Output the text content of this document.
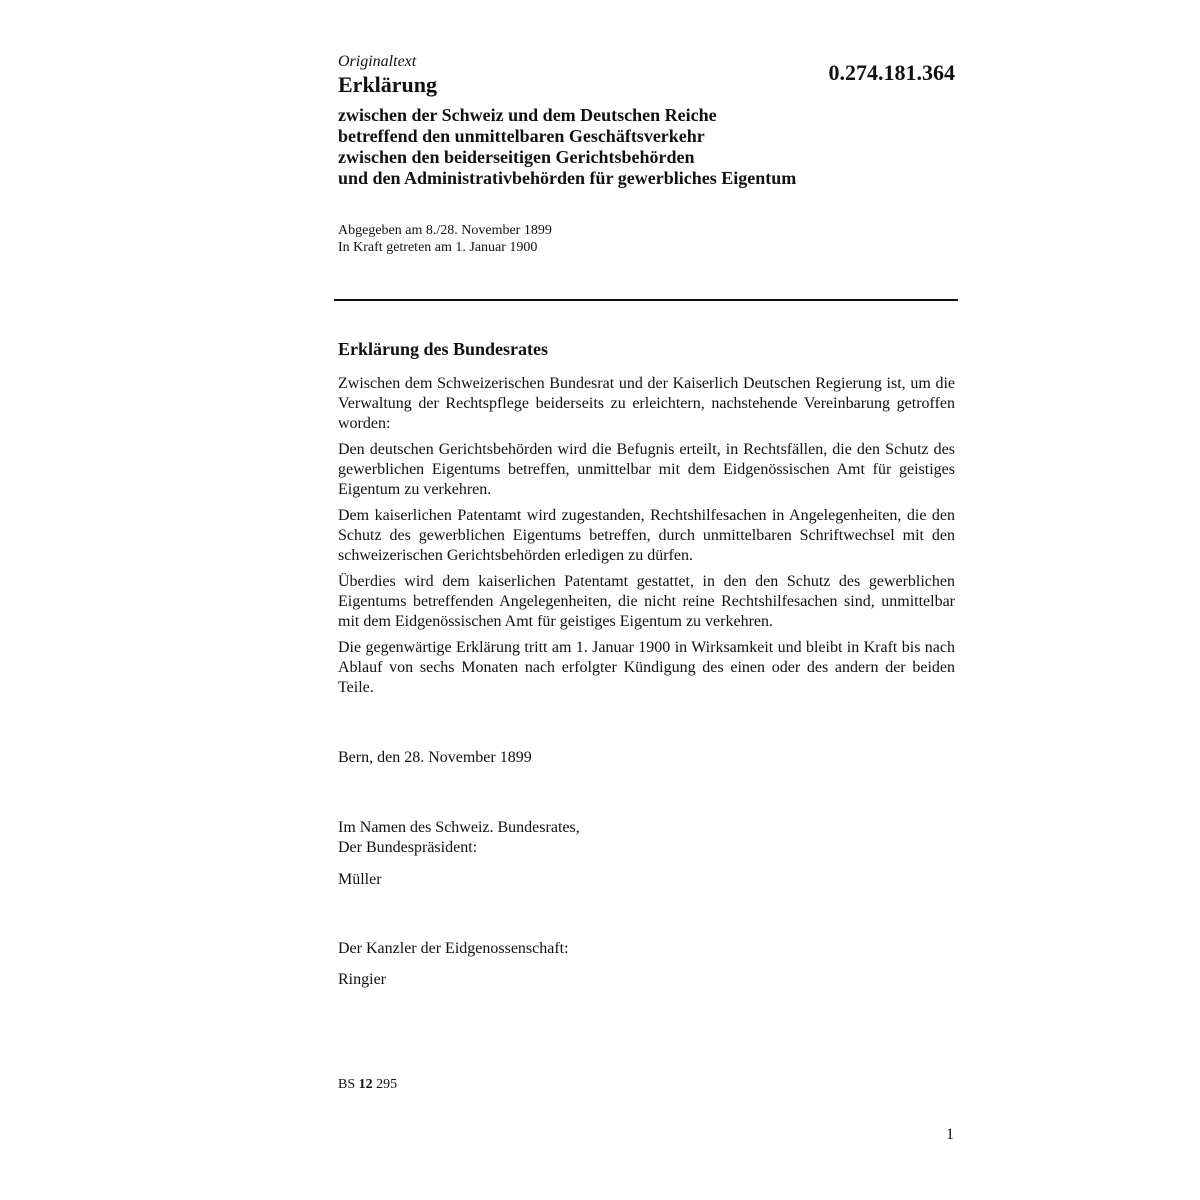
Originaltext	0.274.181.364

Erklärung
zwischen der Schweiz und dem Deutschen Reiche
betreffend den unmittelbaren Geschäftsverkehr
zwischen den beiderseitigen Gerichtsbehörden
und den Administrativbehörden für gewerbliches Eigentum
Abgegeben am 8./28. November 1899
In Kraft getreten am 1. Januar 1900
Erklärung des Bundesrates

Zwischen dem Schweizerischen Bundesrat und der Kaiserlich Deutschen Regierung ist, um die Verwaltung der Rechtspflege beiderseits zu erleichtern, nachstehende Vereinbarung getroffen worden:

Den deutschen Gerichtsbehörden wird die Befugnis erteilt, in Rechtsfällen, die den Schutz des gewerblichen Eigentums betreffen, unmittelbar mit dem Eidgenössischen Amt für geistiges Eigentum zu verkehren.

Dem kaiserlichen Patentamt wird zugestanden, Rechtshilfesachen in Angelegenheiten, die den Schutz des gewerblichen Eigentums betreffen, durch unmittelbaren Schriftwechsel mit den schweizerischen Gerichtsbehörden erledigen zu dürfen.

Überdies wird dem kaiserlichen Patentamt gestattet, in den den Schutz des gewerblichen Eigentums betreffenden Angelegenheiten, die nicht reine Rechtshilfesachen sind, unmittelbar mit dem Eidgenössischen Amt für geistiges Eigentum zu verkehren.

Die gegenwärtige Erklärung tritt am 1. Januar 1900 in Wirksamkeit und bleibt in Kraft bis nach Ablauf von sechs Monaten nach erfolgter Kündigung des einen oder des andern der beiden Teile.

Bern, den 28. November 1899

Im Namen des Schweiz. Bundesrates,
Der Bundespräsident:

Müller

Der Kanzler der Eidgenossenschaft:

Ringier

BS 12 295

1
